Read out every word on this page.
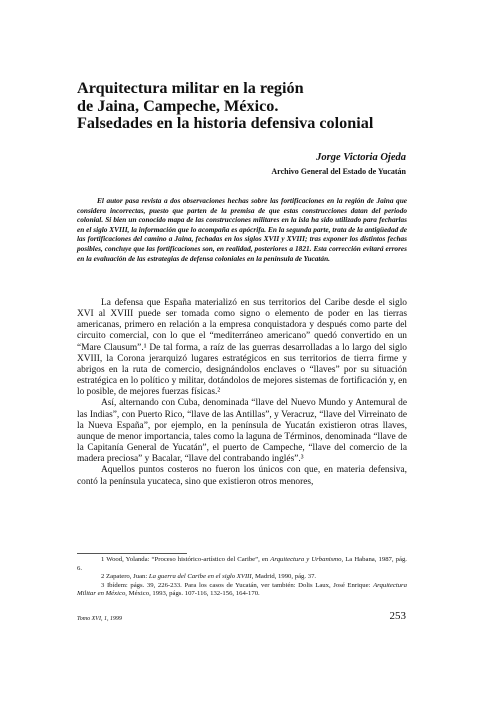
Arquitectura militar en la región
de Jaina, Campeche, México.
Falsedades en la historia defensiva colonial
Jorge Victoria Ojeda
Archivo General del Estado de Yucatán
El autor pasa revista a dos observaciones hechas sobre las fortificaciones en la región de Jaina que considera incorrectas, puesto que parten de la premisa de que estas construcciones datan del periodo colonial. Si bien un conocido mapa de las construcciones militares en la isla ha sido utilizado para fecharlas en el siglo XVIII, la información que lo acompaña es apócrifa. En la segunda parte, trata de la antigüedad de las fortificaciones del camino a Jaina, fechadas en los siglos XVII y XVIII; tras exponer los distintos fechas posibles, concluye que las fortificaciones son, en realidad, posteriores a 1821. Esta corrección evitará errores en la evaluación de las estrategias de defensa coloniales en la península de Yucatán.

La defensa que España materializó en sus territorios del Caribe desde el siglo XVI al XVIII puede ser tomada como signo o elemento de poder en las tierras americanas, primero en relación a la empresa conquistadora y después como parte del circuito comercial, con lo que el “mediterráneo americano” quedó convertido en un “Mare Clausum”.¹ De tal forma, a raíz de las guerras desarrolladas a lo largo del siglo XVIII, la Corona jerarquizó lugares estratégicos en sus territorios de tierra firme y abrigos en la ruta de comercio, designándolos enclaves o “llaves” por su situación estratégica en lo político y militar, dotándolos de mejores sistemas de fortificación y, en lo posible, de mejores fuerzas físicas.²

Así, alternando con Cuba, denominada “llave del Nuevo Mundo y Antemural de las Indias”, con Puerto Rico, “llave de las Antillas”, y Veracruz, “llave del Virreinato de la Nueva España”, por ejemplo, en la península de Yucatán existieron otras llaves, aunque de menor importancia, tales como la laguna de Términos, denominada “llave de la Capitanía General de Yucatán”, el puerto de Campeche, “llave del comercio de la madera preciosa” y Bacalar, “llave del contrabando inglés”.³

Aquellos puntos costeros no fueron los únicos con que, en materia defensiva, contó la península yucateca, sino que existieron otros menores,

1 Wood, Yolanda: “Proceso histórico-artístico del Caribe”, en Arquitectura y Urbanismo, La Habana, 1987, pág. 6.

2 Zapatero, Juan: La guerra del Caribe en el siglo XVIII, Madrid, 1990, pág. 37.

3 Ibídem: págs. 39, 226-233. Para los casos de Yucatán, ver también: Dolis Laux, José Enrique: Arquitectura Militar en México, México, 1993, págs. 107-116, 132-156, 164-170.

Tomo XVI, 1, 1999	253
